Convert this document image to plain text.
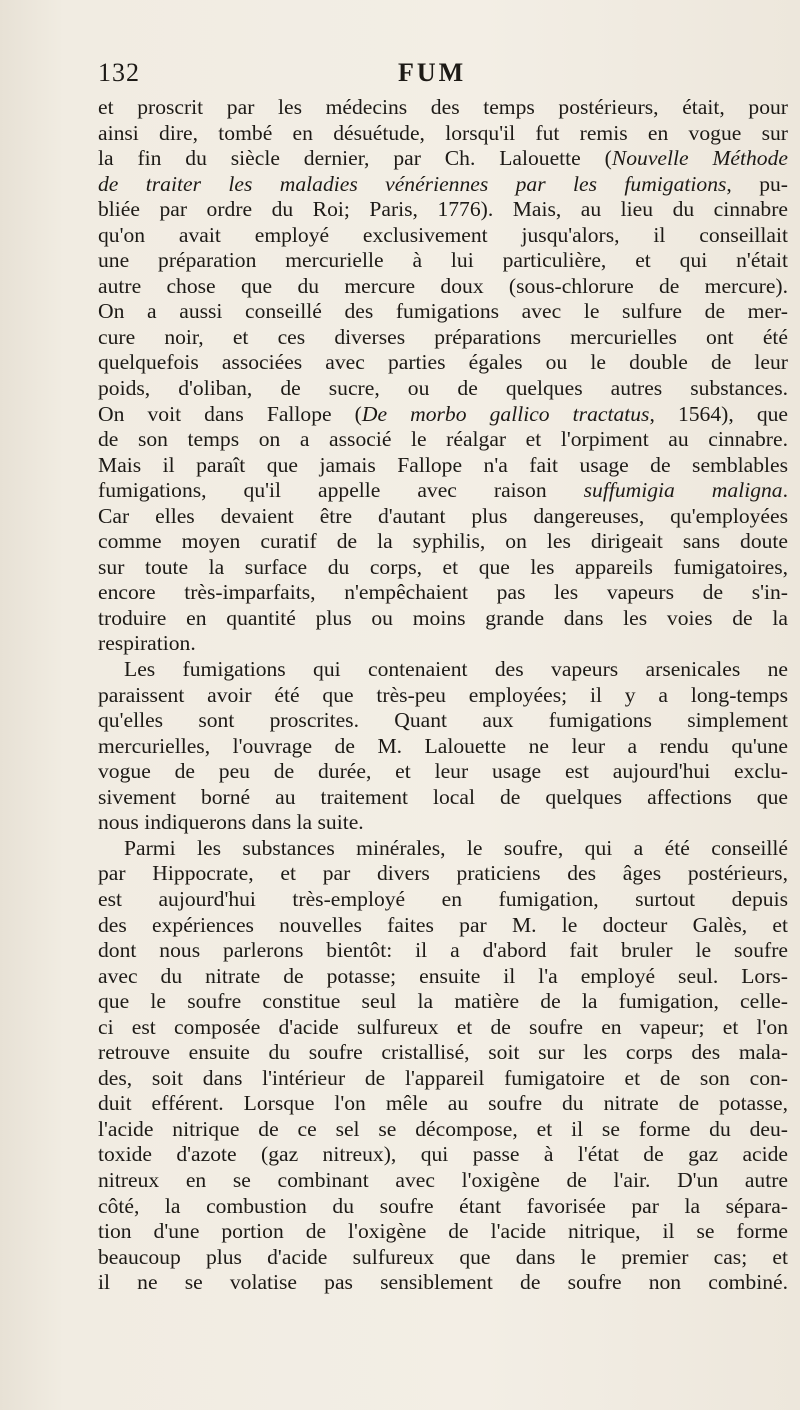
132	FUM
et proscrit par les médecins des temps postérieurs, était, pour
ainsi dire, tombé en désuétude, lorsqu'il fut remis en vogue sur
la fin du siècle dernier, par Ch. Lalouette (Nouvelle Méthode
de traiter les maladies vénériennes par les fumigations, pu-
bliée par ordre du Roi; Paris, 1776). Mais, au lieu du cinnabre
qu'on avait employé exclusivement jusqu'alors, il conseillait
une préparation mercurielle à lui particulière, et qui n'était
autre chose que du mercure doux (sous-chlorure de mercure).
On a aussi conseillé des fumigations avec le sulfure de mer-
cure noir, et ces diverses préparations mercurielles ont été
quelquefois associées avec parties égales ou le double de leur
poids, d'oliban, de sucre, ou de quelques autres substances.
On voit dans Fallope (De morbo gallico tractatus, 1564), que
de son temps on a associé le réalgar et l'orpiment au cinnabre.
Mais il paraît que jamais Fallope n'a fait usage de semblables
fumigations, qu'il appelle avec raison suffumigia maligna.
Car elles devaient être d'autant plus dangereuses, qu'employées
comme moyen curatif de la syphilis, on les dirigeait sans doute
sur toute la surface du corps, et que les appareils fumigatoires,
encore très-imparfaits, n'empêchaient pas les vapeurs de s'in-
troduire en quantité plus ou moins grande dans les voies de la
respiration.
Les fumigations qui contenaient des vapeurs arsenicales ne
paraissent avoir été que très-peu employées; il y a long-temps
qu'elles sont proscrites. Quant aux fumigations simplement
mercurielles, l'ouvrage de M. Lalouette ne leur a rendu qu'une
vogue de peu de durée, et leur usage est aujourd'hui exclu-
sivement borné au traitement local de quelques affections que
nous indiquerons dans la suite.
Parmi les substances minérales, le soufre, qui a été conseillé
par Hippocrate, et par divers praticiens des âges postérieurs,
est aujourd'hui très-employé en fumigation, surtout depuis
des expériences nouvelles faites par M. le docteur Galès, et
dont nous parlerons bientôt: il a d'abord fait bruler le soufre
avec du nitrate de potasse; ensuite il l'a employé seul. Lors-
que le soufre constitue seul la matière de la fumigation, celle-
ci est composée d'acide sulfureux et de soufre en vapeur; et l'on
retrouve ensuite du soufre cristallisé, soit sur les corps des mala-
des, soit dans l'intérieur de l'appareil fumigatoire et de son con-
duit efférent. Lorsque l'on mêle au soufre du nitrate de potasse,
l'acide nitrique de ce sel se décompose, et il se forme du deu-
toxide d'azote (gaz nitreux), qui passe à l'état de gaz acide
nitreux en se combinant avec l'oxigène de l'air. D'un autre
côté, la combustion du soufre étant favorisée par la sépara-
tion d'une portion de l'oxigène de l'acide nitrique, il se forme
beaucoup plus d'acide sulfureux que dans le premier cas; et
il ne se volatise pas sensiblement de soufre non combiné.
